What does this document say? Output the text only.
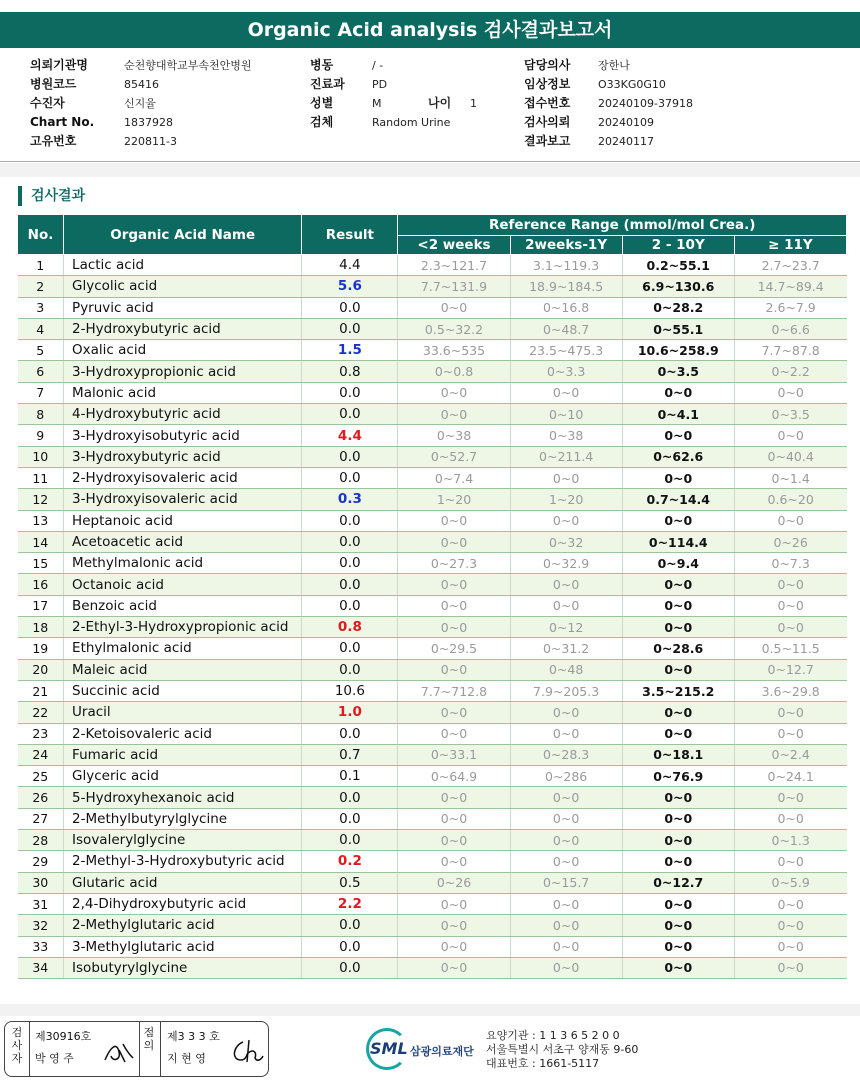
Organic Acid analysis 검사결과보고서
의뢰기관명	순천향대학교부속천안병원
병원코드	85416
수진자	신지율
Chart No.	1837928
고유번호	220811-3
병동	/ -
진료과 PD
성별	M	나이 1
검체	Random Urine
담당의사	장한나
임상정보	O33KG0G10
접수번호	20240109-37918
검사의뢰	20240109
결과보고	20240117
검사결과
No.	Organic Acid Name	Result	Reference Range (mmol/mol Crea.)			
			<2 weeks	2weeks-1Y	2 - 10Y	≥ 11Y
1	Lactic acid	4.4	2.3~121.7	3.1~119.3	0.2~55.1	2.7~23.7
2	Glycolic acid	5.6	7.7~131.9	18.9~184.5	6.9~130.6	14.7~89.4
3	Pyruvic acid	0.0	0~0	0~16.8	0~28.2	2.6~7.9
4	2-Hydroxybutyric acid	0.0	0.5~32.2	0~48.7	0~55.1	0~6.6
5	Oxalic acid	1.5	33.6~535	23.5~475.3	10.6~258.9	7.7~87.8
6	3-Hydroxypropionic acid	0.8	0~0.8	0~3.3	0~3.5	0~2.2
7	Malonic acid	0.0	0~0	0~0	0~0	0~0
8	4-Hydroxybutyric acid	0.0	0~0	0~10	0~4.1	0~3.5
9	3-Hydroxyisobutyric acid	4.4	0~38	0~38	0~0	0~0
10	3-Hydroxybutyric acid	0.0	0~52.7	0~211.4	0~62.6	0~40.4
11	2-Hydroxyisovaleric acid	0.0	0~7.4	0~0	0~0	0~1.4
12	3-Hydroxyisovaleric acid	0.3	1~20	1~20	0.7~14.4	0.6~20
13	Heptanoic acid	0.0	0~0	0~0	0~0	0~0
14	Acetoacetic acid	0.0	0~0	0~32	0~114.4	0~26
15	Methylmalonic acid	0.0	0~27.3	0~32.9	0~9.4	0~7.3
16	Octanoic acid	0.0	0~0	0~0	0~0	0~0
17	Benzoic acid	0.0	0~0	0~0	0~0	0~0
18	2-Ethyl-3-Hydroxypropionic acid	0.8	0~0	0~12	0~0	0~0
19	Ethylmalonic acid	0.0	0~29.5	0~31.2	0~28.6	0.5~11.5
20	Maleic acid	0.0	0~0	0~48	0~0	0~12.7
21	Succinic acid	10.6	7.7~712.8	7.9~205.3	3.5~215.2	3.6~29.8
22	Uracil	1.0	0~0	0~0	0~0	0~0
23	2-Ketoisovaleric acid	0.0	0~0	0~0	0~0	0~0
24	Fumaric acid	0.7	0~33.1	0~28.3	0~18.1	0~2.4
25	Glyceric acid	0.1	0~64.9	0~286	0~76.9	0~24.1
26	5-Hydroxyhexanoic acid	0.0	0~0	0~0	0~0	0~0
27	2-Methylbutyrylglycine	0.0	0~0	0~0	0~0	0~0
28	Isovalerylglycine	0.0	0~0	0~0	0~0	0~1.3
29	2-Methyl-3-Hydroxybutyric acid	0.2	0~0	0~0	0~0	0~0
30	Glutaric acid	0.5	0~26	0~15.7	0~12.7	0~5.9
31	2,4-Dihydroxybutyric acid	2.2	0~0	0~0	0~0	0~0
32	2-Methylglutaric acid	0.0	0~0	0~0	0~0	0~0
33	3-Methylglutaric acid	0.0	0~0	0~0	0~0	0~0
34	Isobutyrylglycine	0.0	0~0	0~0	0~0	0~0
검
사
자
제30916호
박 영 주
점
의
제3 3 3 호
지 현 영
SML 삼광의료재단
요양기관 : 1 1 3 6 5 2 0 0
서울특별시 서초구 양재동 9-60
대표번호 : 1661-5117
